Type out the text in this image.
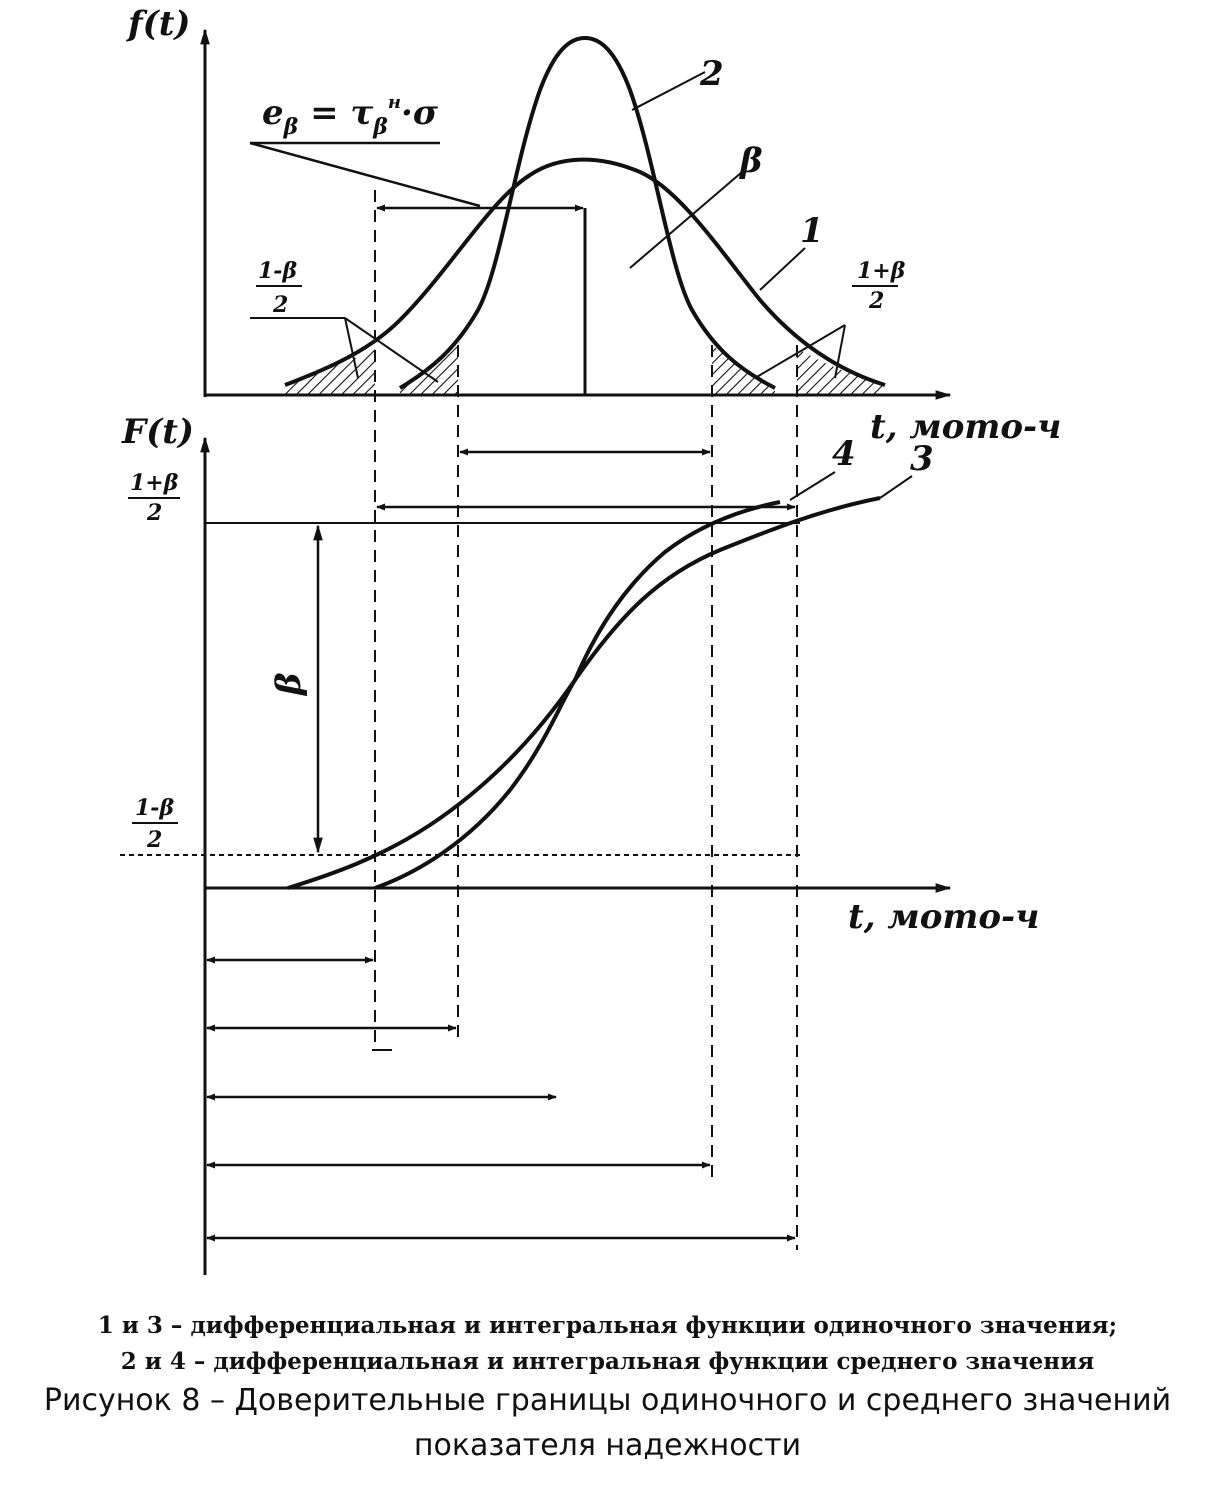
f(t)
t, мото-ч
$e_\beta = \tau_\beta^н\cdot\sigma$
2
β
1
1-β
2
1+β
2
F(t)
t, мото-ч
1+β
2
1-β
2
β
4 3
1 и 3 – дифференциальная и интегральная функции одиночного значения;
2 и 4 – дифференциальная и интегральная функции среднего значения
Рисунок 8 – Доверительные границы одиночного и среднего значений
показателя надежности
